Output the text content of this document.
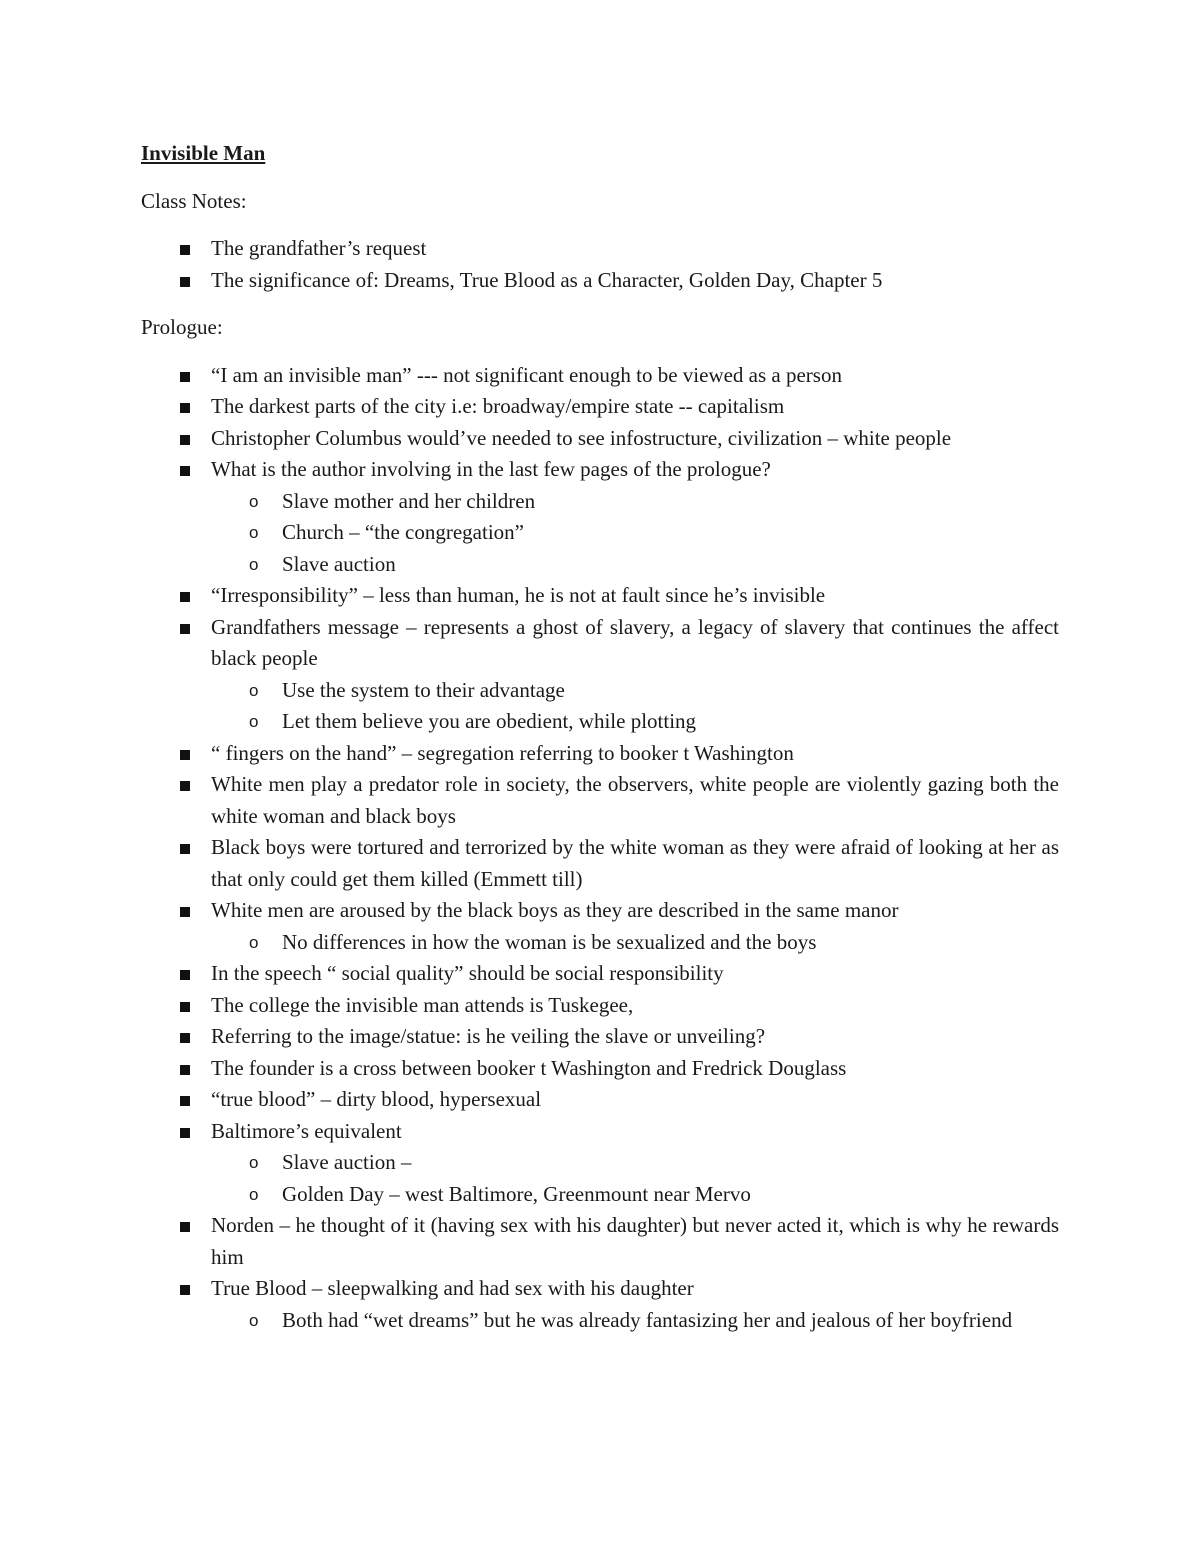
Invisible Man
Class Notes:
The grandfather’s request
The significance of: Dreams, True Blood as a Character, Golden Day, Chapter 5
Prologue:
“I am an invisible man” --- not significant enough to be viewed as a person
The darkest parts of the city i.e: broadway/empire state -- capitalism
Christopher Columbus would’ve needed to see infostructure, civilization – white people
What is the author involving in the last few pages of the prologue?
o Slave mother and her children
o Church – “the congregation”
o Slave auction
“Irresponsibility” – less than human, he is not at fault since he’s invisible
Grandfathers message – represents a ghost of slavery, a legacy of slavery that continues the affect black people
o Use the system to their advantage
o Let them believe you are obedient, while plotting
“ fingers on the hand” – segregation referring to booker t Washington
White men play a predator role in society, the observers, white people are violently gazing both the white woman and black boys
Black boys were tortured and terrorized by the white woman as they were afraid of looking at her as that only could get them killed (Emmett till)
White men are aroused by the black boys as they are described in the same manor
o No differences in how the woman is be sexualized and the boys
In the speech “ social quality” should be social responsibility
The college the invisible man attends is Tuskegee,
Referring to the image/statue: is he veiling the slave or unveiling?
The founder is a cross between booker t Washington and Fredrick Douglass
“true blood” – dirty blood, hypersexual
Baltimore’s equivalent
o Slave auction –
o Golden Day – west Baltimore, Greenmount near Mervo
Norden – he thought of it (having sex with his daughter) but never acted it, which is why he rewards him
True Blood – sleepwalking and had sex with his daughter
o Both had “wet dreams” but he was already fantasizing her and jealous of her boyfriend
